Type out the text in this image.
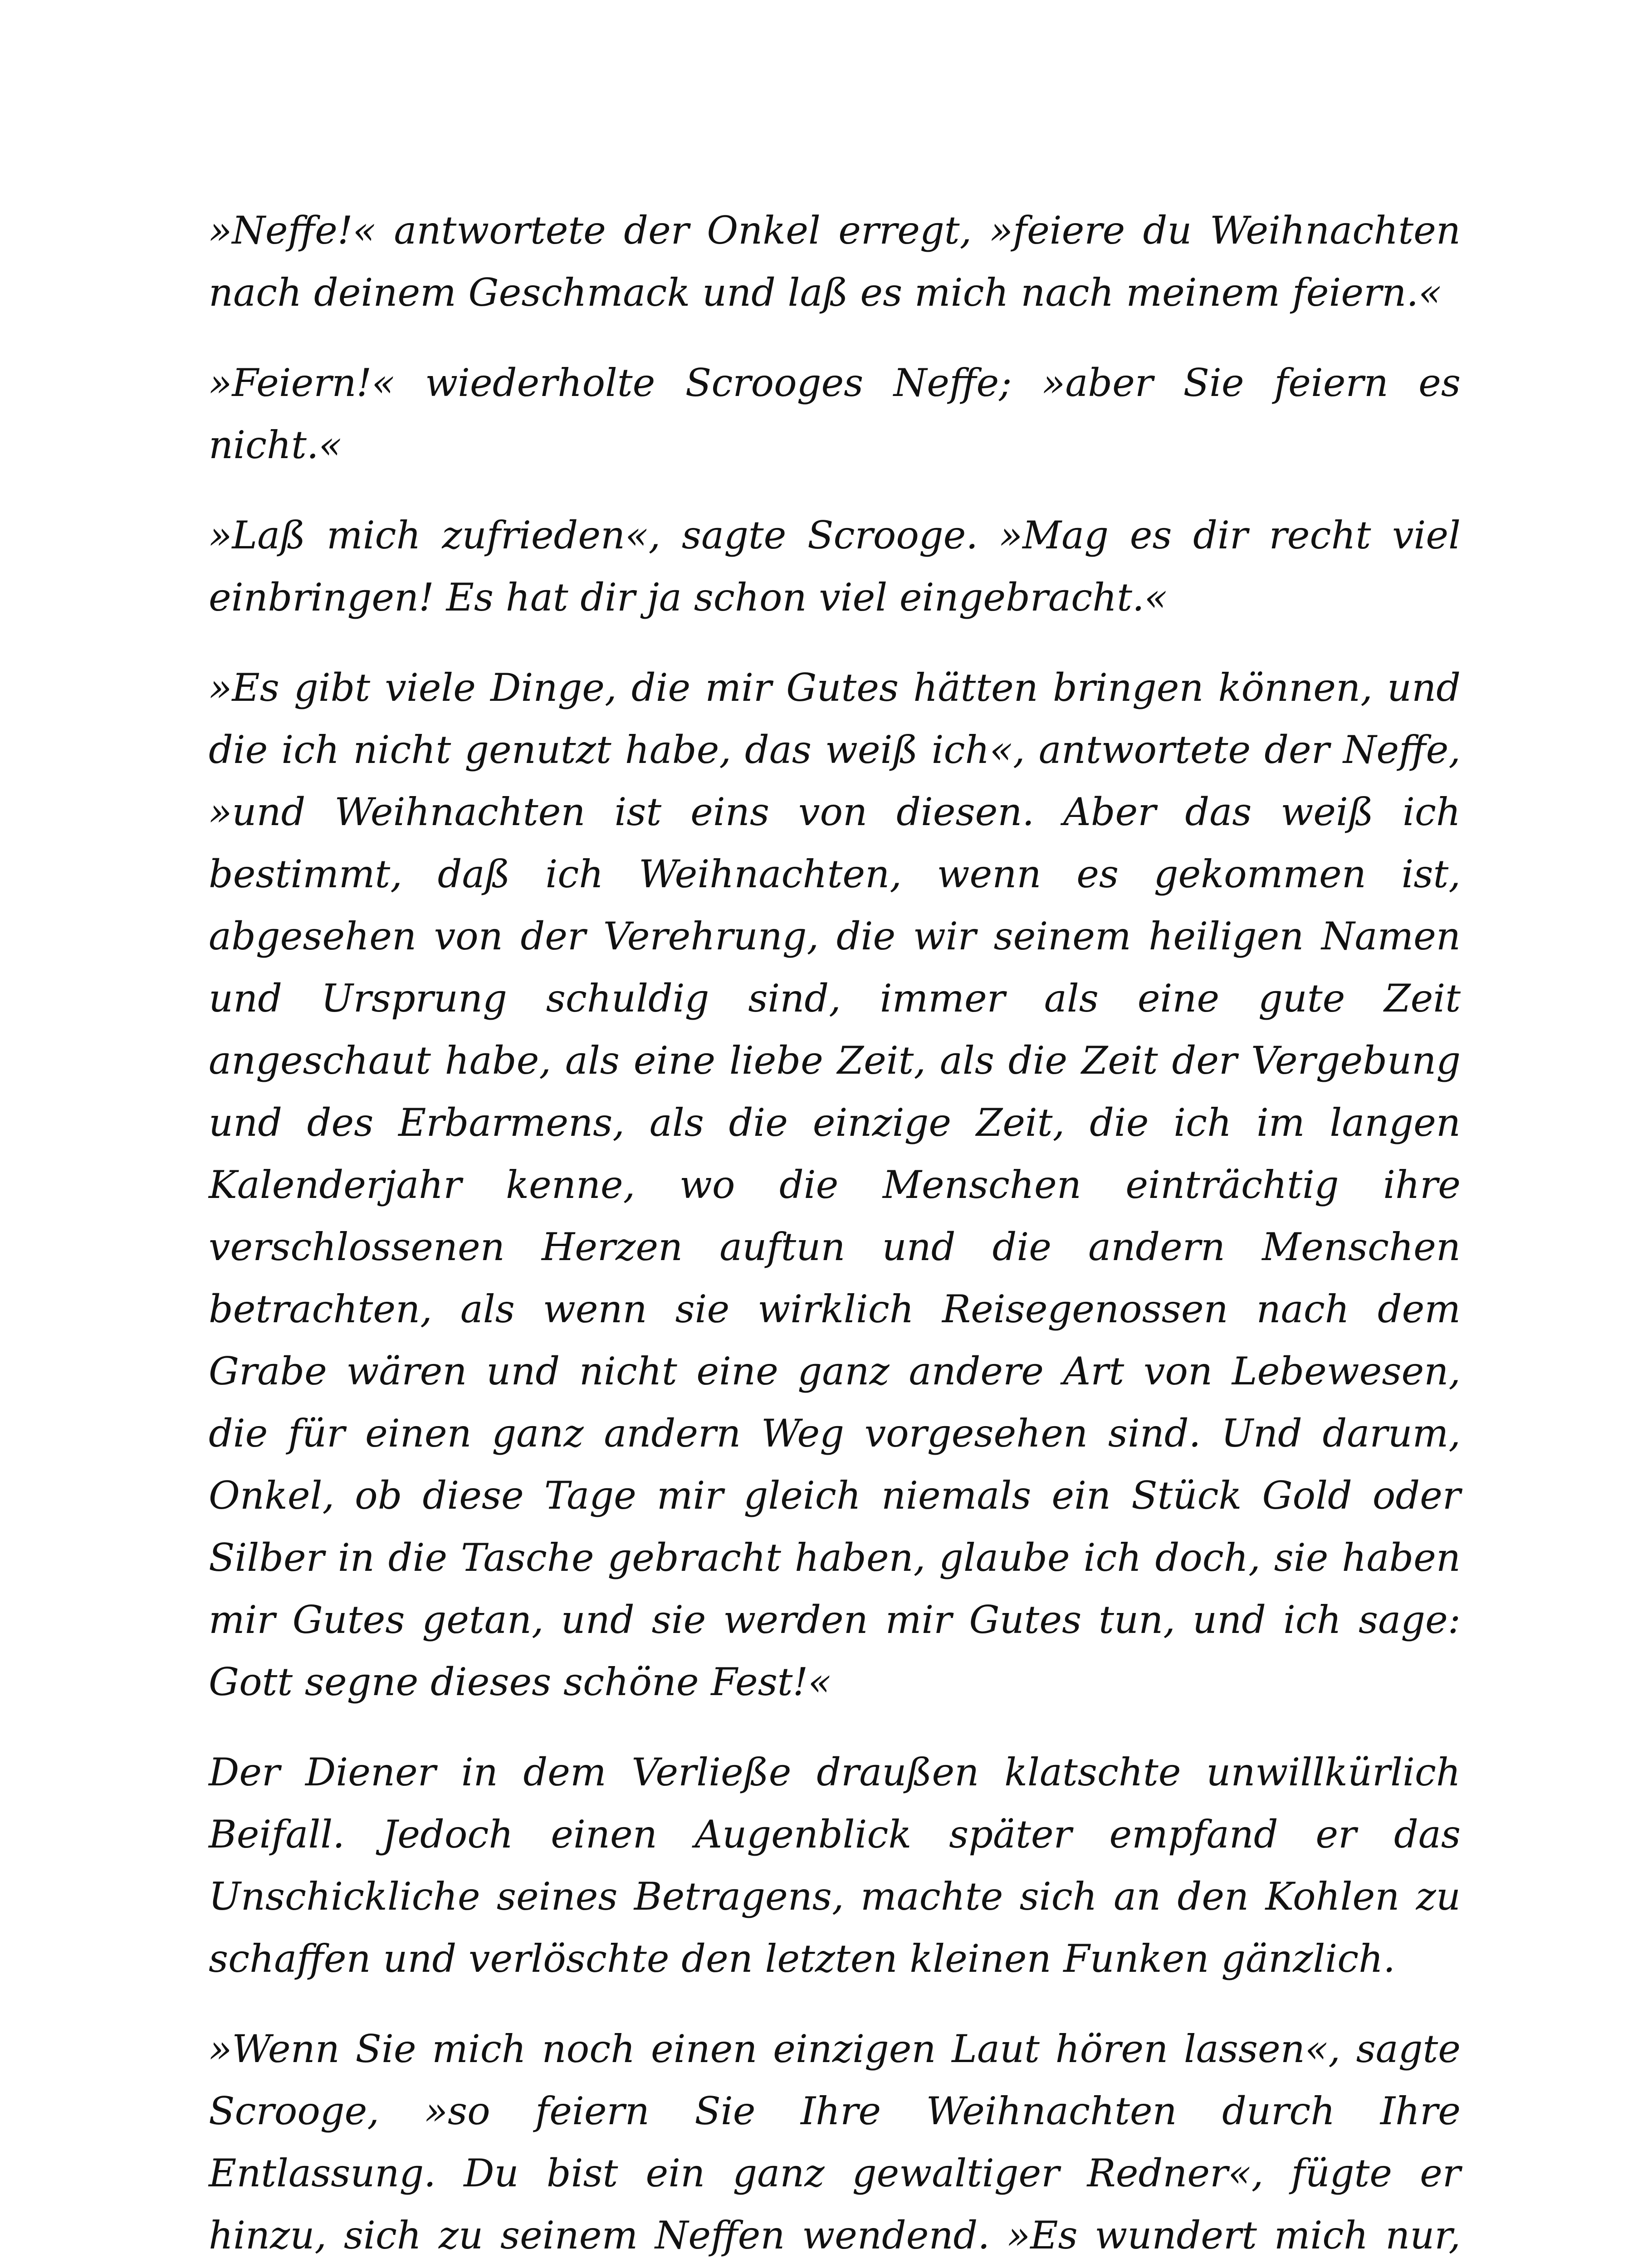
»Neffe!« antwortete der Onkel erregt, »feiere du Weihnachten nach deinem Geschmack und laß es mich nach meinem feiern.«

»Feiern!« wiederholte Scrooges Neffe; »aber Sie feiern es nicht.«

»Laß mich zufrieden«, sagte Scrooge. »Mag es dir recht viel einbringen! Es hat dir ja schon viel eingebracht.«

»Es gibt viele Dinge, die mir Gutes hätten bringen können, und die ich nicht genutzt habe, das weiß ich«, antwortete der Neffe, »und Weihnachten ist eins von diesen. Aber das weiß ich bestimmt, daß ich Weihnachten, wenn es gekommen ist, abgesehen von der Verehrung, die wir seinem heiligen Namen und Ursprung schuldig sind, immer als eine gute Zeit angeschaut habe, als eine liebe Zeit, als die Zeit der Vergebung und des Erbarmens, als die einzige Zeit, die ich im langen Kalenderjahr kenne, wo die Menschen einträchtig ihre verschlossenen Herzen auftun und die andern Menschen betrachten, als wenn sie wirklich Reisegenossen nach dem Grabe wären und nicht eine ganz andere Art von Lebewesen, die für einen ganz andern Weg vorgesehen sind. Und darum, Onkel, ob diese Tage mir gleich niemals ein Stück Gold oder Silber in die Tasche gebracht haben, glaube ich doch, sie haben mir Gutes getan, und sie werden mir Gutes tun, und ich sage: Gott segne dieses schöne Fest!«

Der Diener in dem Verließe draußen klatschte unwillkürlich Beifall. Jedoch einen Augenblick später empfand er das Unschickliche seines Betragens, machte sich an den Kohlen zu schaffen und verlöschte den letzten kleinen Funken gänzlich.

»Wenn Sie mich noch einen einzigen Laut hören lassen«, sagte Scrooge, »so feiern Sie Ihre Weihnachten durch Ihre Entlassung. Du bist ein ganz gewaltiger Redner«, fügte er hinzu, sich zu seinem Neffen wendend. »Es wundert mich nur,
